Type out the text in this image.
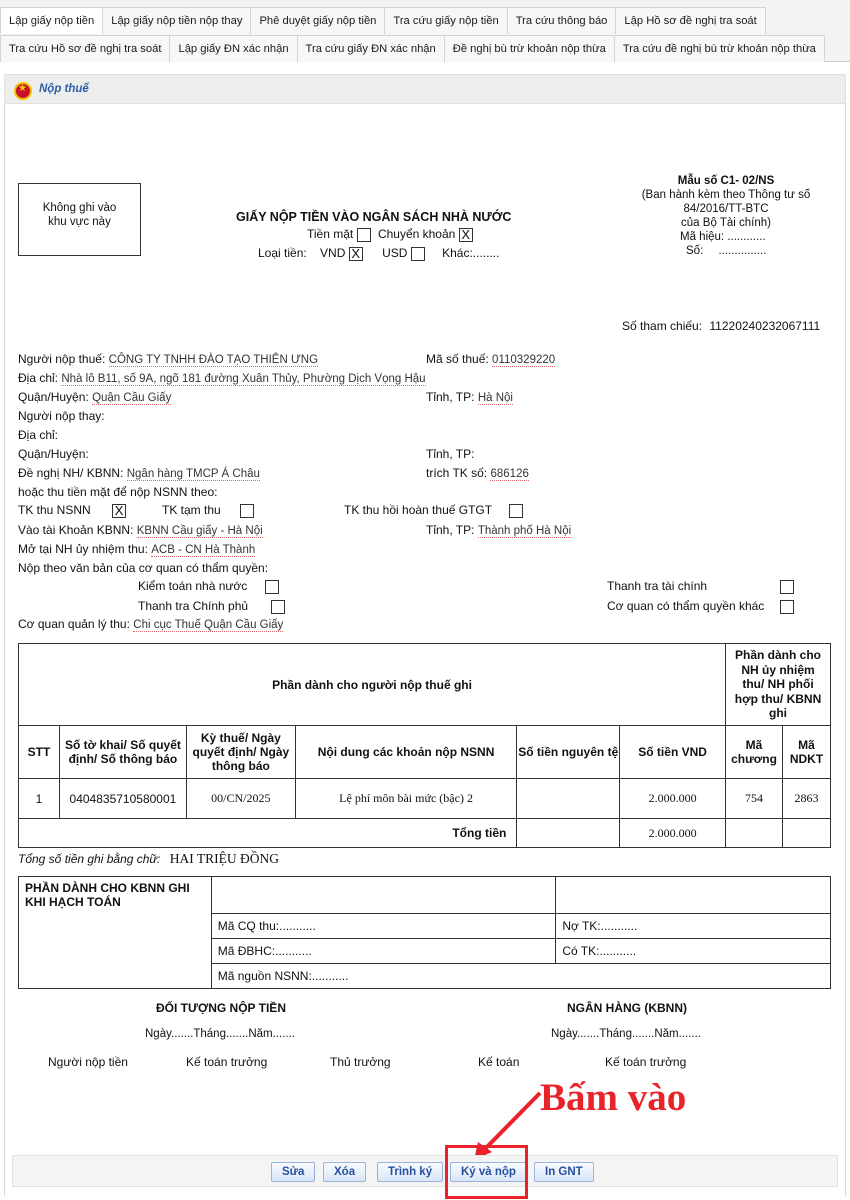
Lập giấy nộp tiền	Lập giấy nộp tiền nộp thay	Phê duyệt giấy nộp tiền	Tra cứu giấy nộp tiền	Tra cứu thông báo	Lập Hồ sơ đề nghị tra soát
Tra cứu Hồ sơ đề nghị tra soát	Lập giấy ĐN xác nhận	Tra cứu giấy ĐN xác nhận	Đề nghị bù trừ khoản nộp thừa	Tra cứu đề nghị bù trừ khoản nộp thừa
★
Nộp thuế
Không ghi vào
khu vực này	GIẤY NỘP TIỀN VÀO NGÂN SÁCH NHÀ NƯỚC
Tiền mặt Chuyển khoản X
Loại tiền: VND X USD	Khác:........
Mẫu số C1- 02/NS
(Ban hành kèm theo Thông tư số
84/2016/TT-BTC
của Bộ Tài chính)
Mã hiệu: ............
Số: ...............
Số tham chiếu: 11220240232067111
Người nộp thuế: CÔNG TY TNHH ĐÀO TẠO THIÊN ƯNG	Mã số thuế: 0110329220
Địa chỉ: Nhà lô B11, số 9A, ngõ 181 đường Xuân Thủy, Phường Dịch Vọng Hậu
Quận/Huyện: Quận Cầu Giấy	Tỉnh, TP: Hà Nội
Người nộp thay:
Địa chỉ:
Quận/Huyện:	Tỉnh, TP:
Đề nghị NH/ KBNN: Ngân hàng TMCP Á Châu	trích TK số: 686126
hoặc thu tiền mặt để nộp NSNN theo:
TK thu NSNN X	TK tạm thu	TK thu hồi hoàn thuế GTGT
Vào tài Khoản KBNN: KBNN Cầu giấy - Hà Nội	Tỉnh, TP: Thành phố Hà Nội
Mở tại NH ủy nhiệm thu: ACB - CN Hà Thành
Nộp theo văn bản của cơ quan có thẩm quyền:
Kiểm toán nhà nước	Thanh tra tài chính
Thanh tra Chính phủ	Cơ quan có thẩm quyền khác
Cơ quan quản lý thu: Chi cục Thuế Quận Cầu Giấy
Phần dành cho người nộp thuế ghi						Phần dành cho NH ủy nhiệm thu/ NH phối hợp thu/ KBNN ghi	
STT	Số tờ khai/ Số quyết định/ Số thông báo	Kỳ thuế/ Ngày quyết định/ Ngày thông báo	Nội dung các khoản nộp NSNN	Số tiền nguyên tệ	Số tiền VND	Mã chương	Mã NDKT
1	0404835710580001	00/CN/2025	Lệ phí môn bài mức (bậc) 2		2.000.000	754	2863
Tổng tiền					2.000.000		
Tổng số tiền ghi bằng chữ: HAI TRIỆU ĐỒNG
PHẦN DÀNH CHO KBNN GHI KHI HẠCH TOÁN		
	Mã CQ thu:...........	Nợ TK:...........
	Mã ĐBHC:...........	Có TK:...........
	Mã nguồn NSNN:...........	
ĐỐI TƯỢNG NỘP TIỀN	NGÂN HÀNG (KBNN)
Ngày.......Tháng.......Năm.......	Ngày.......Tháng.......Năm.......
Người nộp tiền	Kế toán trưởng	Thủ trưởng	Kế toán	Kế toán trưởng
Bấm vào
Sửa	Xóa	Trình ký	Ký và nộp	In GNT
